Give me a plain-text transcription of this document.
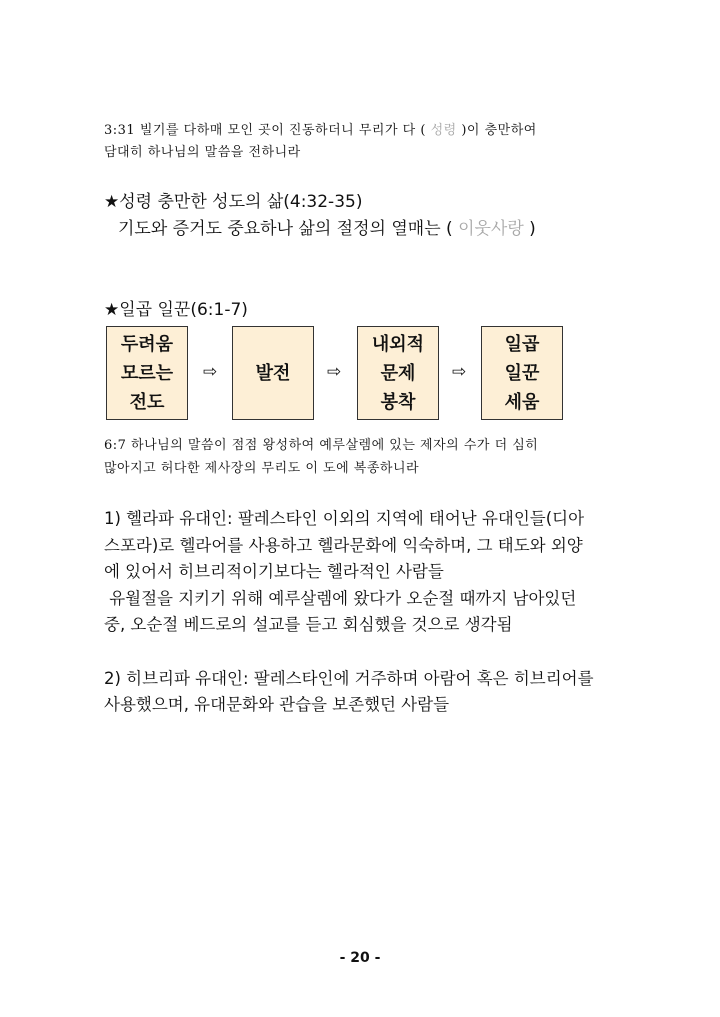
3:31 빌기를 다하매 모인 곳이 진동하더니 무리가 다 ( 성령 )이 충만하여
담대히 하나님의 말씀을 전하니라
★성령 충만한 성도의 삶(4:32-35)
기도와 증거도 중요하나 삶의 절정의 열매는 ( 이웃사랑 )
★일곱 일꾼(6:1-7)
두려움
모르는
전도
⇨ 발전 ⇨
내외적
문제
봉착
⇨
일곱
일꾼
세움
6:7 하나님의 말씀이 점점 왕성하여 예루살렘에 있는 제자의 수가 더 심히
많아지고 허다한 제사장의 무리도 이 도에 복종하니라
1) 헬라파 유대인: 팔레스타인 이외의 지역에 태어난 유대인들(디아
스포라)로 헬라어를 사용하고 헬라문화에 익숙하며, 그 태도와 외양
에 있어서 히브리적이기보다는 헬라적인 사람들
유월절을 지키기 위해 예루살렘에 왔다가 오순절 때까지 남아있던
중, 오순절 베드로의 설교를 듣고 회심했을 것으로 생각됨
2) 히브리파 유대인: 팔레스타인에 거주하며 아람어 혹은 히브리어를
사용했으며, 유대문화와 관습을 보존했던 사람들
- 20 -
